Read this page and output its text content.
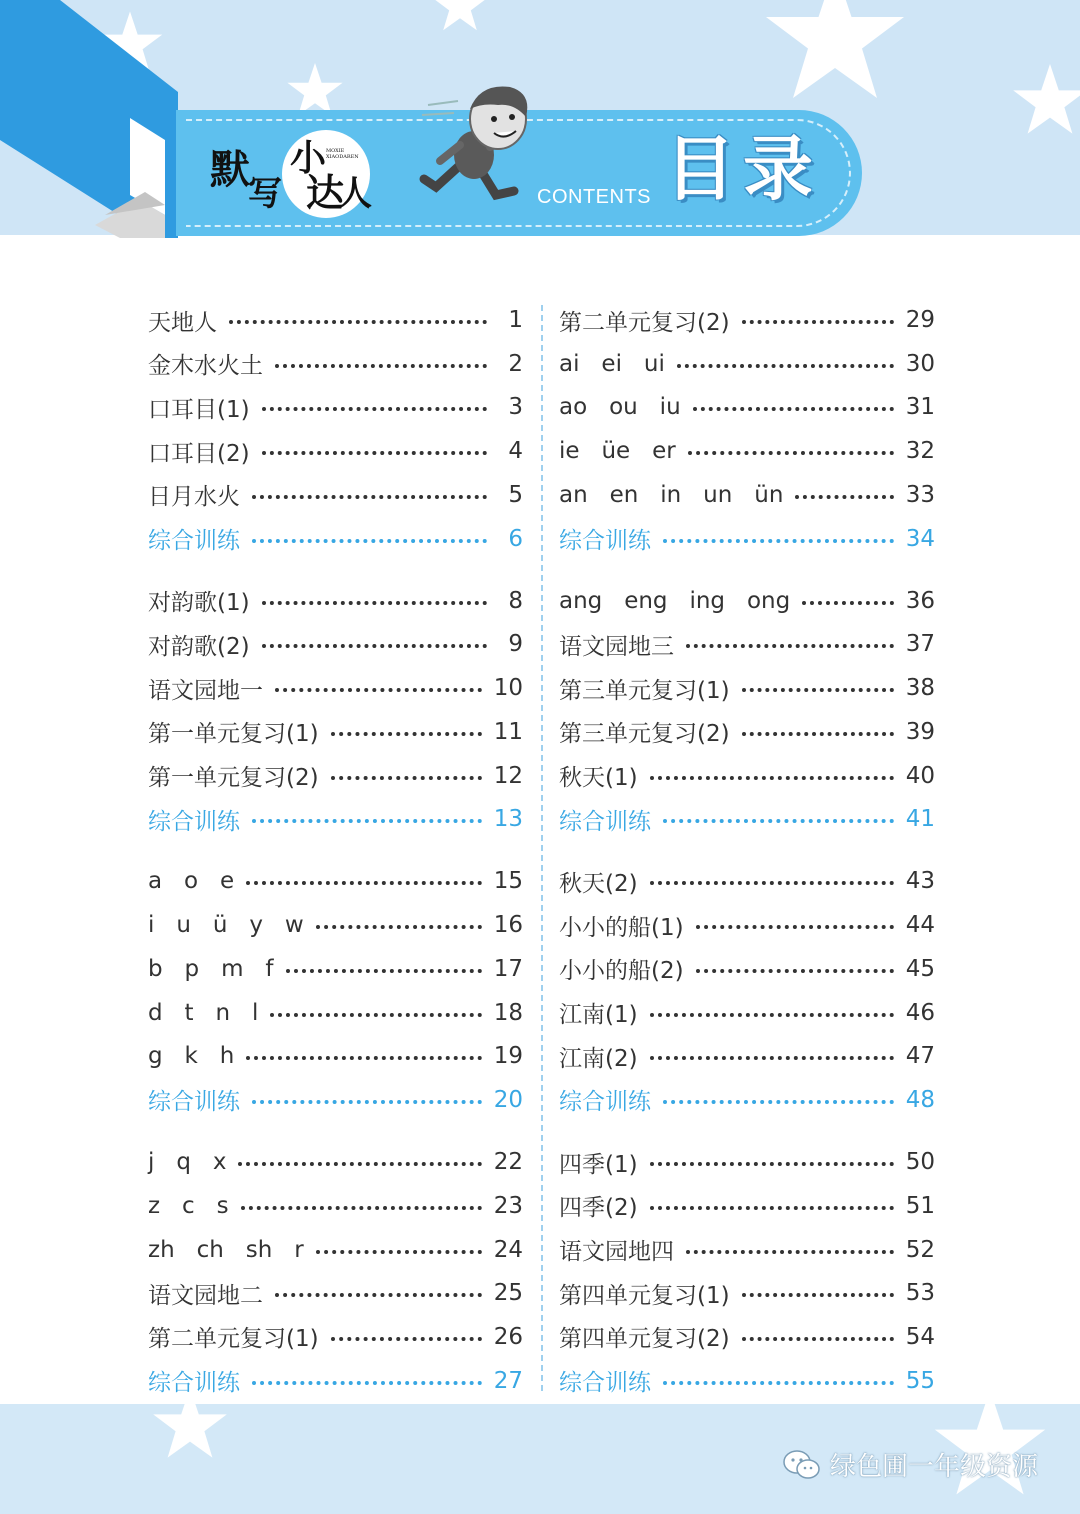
默
写
小
达
人
MOXIE XIAODAREN
CONTENTS 目录
天地人	1
金木水火土	2
口耳目(1)	3
口耳目(2)	4
日月水火	5
综合训练	6
对韵歌(1)	8
对韵歌(2)	9
语文园地一	10
第一单元复习(1)	11
第一单元复习(2)	12
综合训练	13
a   o   e	15
i   u   ü   y   w	16
b   p   m   f	17
d   t   n   l	18
g   k   h	19
综合训练	20
j   q   x	22
z   c   s	23
zh   ch   sh   r	24
语文园地二	25
第二单元复习(1)	26
综合训练	27
第二单元复习(2)	29
ai   ei   ui	30
ao   ou   iu	31
ie   üe   er	32
an   en   in   un   ün	33
综合训练	34
ang   eng   ing   ong	36
语文园地三	37
第三单元复习(1)	38
第三单元复习(2)	39
秋天(1)	40
综合训练	41
秋天(2)	43
小小的船(1)	44
小小的船(2)	45
江南(1)	46
江南(2)	47
综合训练	48
四季(1)	50
四季(2)	51
语文园地四	52
第四单元复习(1)	53
第四单元复习(2)	54
综合训练	55
绿色圃一年级资源
